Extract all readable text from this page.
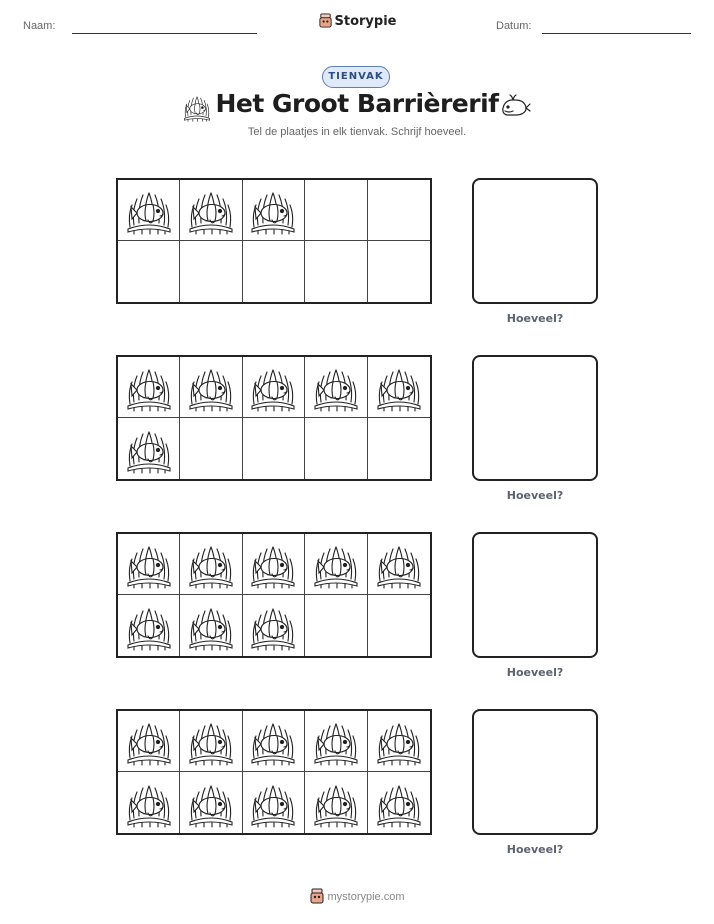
Naam:	Storypie	Datum:
TIENVAK
Het Groot Barrièrerif
Tel de plaatjes in elk tienvak. Schrijf hoeveel.
Hoeveel?
Hoeveel?
Hoeveel?
Hoeveel?
mystorypie.com
